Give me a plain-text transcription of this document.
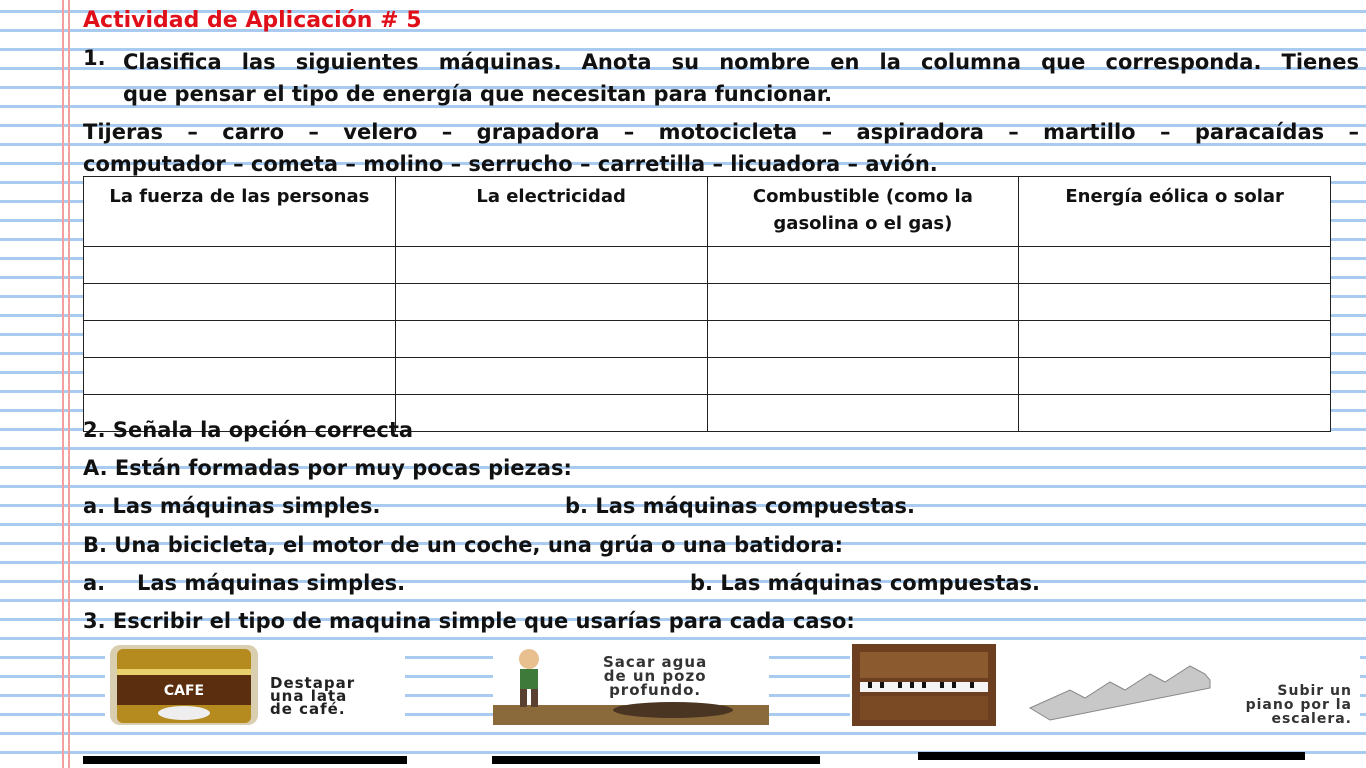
Actividad de Aplicación # 5
1. Clasifica las siguientes máquinas. Anota su nombre en la columna que corresponda. Tienes
que pensar el tipo de energía que necesitan para funcionar.
Tijeras – carro – velero – grapadora – motocicleta – aspiradora – martillo – paracaídas –
computador – cometa – molino – serrucho – carretilla – licuadora – avión.
La fuerza de las personas	La electricidad	Combustible (como la gasolina o el gas)	Energía eólica o solar

2. Señala la opción correcta
A. Están formadas por muy pocas piezas:
a. Las máquinas simples.	b. Las máquinas compuestas.
B. Una bicicleta, el motor de un coche, una grúa o una batidora:
a. Las máquinas simples.	b. Las máquinas compuestas.
3. Escribir el tipo de maquina simple que usarías para cada caso:
CAFE	Destapar
una lata
de café.
Sacar agua
de un pozo
profundo.	Subir un
piano por la
escalera.
